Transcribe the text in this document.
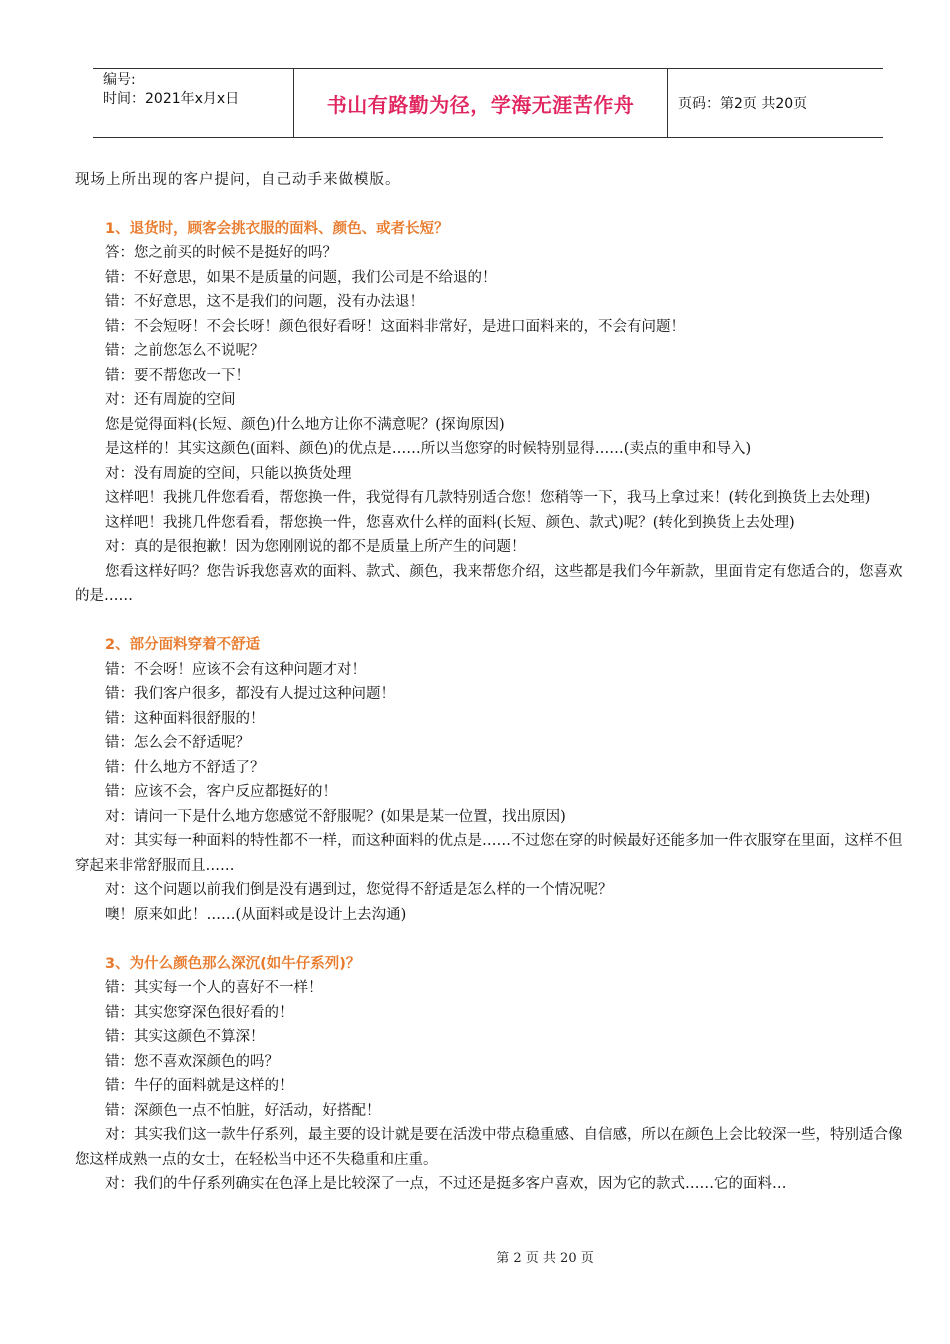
编号:
时间：2021年x月x日	书山有路勤为径，学海无涯苦作舟	页码：第2页 共20页
现场上所出现的客户提问，自己动手来做模版。
1、退货时，顾客会挑衣服的面料、颜色、或者长短？
答：您之前买的时候不是挺好的吗？
错：不好意思，如果不是质量的问题，我们公司是不给退的！
错：不好意思，这不是我们的问题，没有办法退！
错：不会短呀！不会长呀！颜色很好看呀！这面料非常好，是进口面料来的，不会有问题！
错：之前您怎么不说呢？
错：要不帮您改一下！
对：还有周旋的空间
您是觉得面料(长短、颜色)什么地方让你不满意呢？(探询原因)
是这样的！其实这颜色(面料、颜色)的优点是……所以当您穿的时候特别显得……(卖点的重申和导入)
对：没有周旋的空间，只能以换货处理
这样吧！我挑几件您看看，帮您换一件，我觉得有几款特别适合您！您稍等一下，我马上拿过来！(转化到换货上去处理)
这样吧！我挑几件您看看，帮您换一件，您喜欢什么样的面料(长短、颜色、款式)呢？(转化到换货上去处理)
对：真的是很抱歉！因为您刚刚说的都不是质量上所产生的问题！
您看这样好吗？您告诉我您喜欢的面料、款式、颜色，我来帮您介绍，这些都是我们今年新款，里面肯定有您适合的，您喜欢的是……
2、部分面料穿着不舒适
错：不会呀！应该不会有这种问题才对！
错：我们客户很多，都没有人提过这种问题！
错：这种面料很舒服的！
错：怎么会不舒适呢？
错：什么地方不舒适了？
错：应该不会，客户反应都挺好的！
对：请问一下是什么地方您感觉不舒服呢？(如果是某一位置，找出原因)
对：其实每一种面料的特性都不一样，而这种面料的优点是……不过您在穿的时候最好还能多加一件衣服穿在里面，这样不但穿起来非常舒服而且……
对：这个问题以前我们倒是没有遇到过，您觉得不舒适是怎么样的一个情况呢？
噢！原来如此！……(从面料或是设计上去沟通)
3、为什么颜色那么深沉(如牛仔系列)？
错：其实每一个人的喜好不一样！
错：其实您穿深色很好看的！
错：其实这颜色不算深！
错：您不喜欢深颜色的吗？
错：牛仔的面料就是这样的！
错：深颜色一点不怕脏，好活动，好搭配！
对：其实我们这一款牛仔系列，最主要的设计就是要在活泼中带点稳重感、自信感，所以在颜色上会比较深一些，特别适合像您这样成熟一点的女士，在轻松当中还不失稳重和庄重。
对：我们的牛仔系列确实在色泽上是比较深了一点，不过还是挺多客户喜欢，因为它的款式……它的面料…
第 2 页 共 20 页
